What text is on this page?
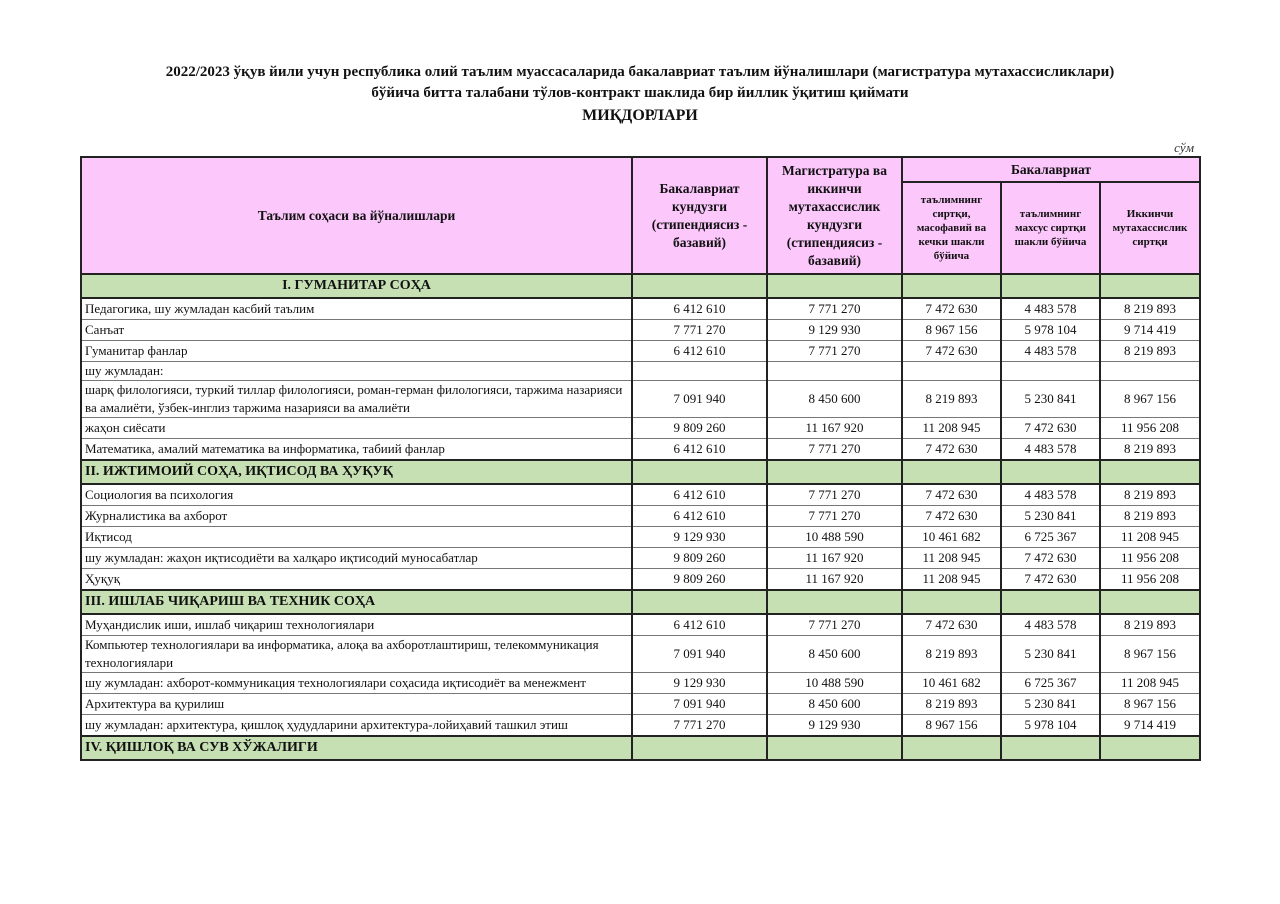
2022/2023 ўқув йили учун республика олий таълим муассасаларида бакалавриат таълим йўналишлари (магистратура мутахассисликлари)
бўйича битта талабани тўлов-контракт шаклида бир йиллик ўқитиш қиймати
МИҚДОРЛАРИ
сўм
Таълим соҳаси ва йўналишлари	Бакалавриат кундузги (стипендиясиз - базавий)	Магистратура ва иккинчи мутахассислик кундузги (стипендиясиз - базавий)	Бакалавриат		
			таълимнинг сиртқи, масофавий ва кечки шакли бўйича	таълимнинг махсус сиртқи шакли бўйича	Иккинчи мутахассислик сиртқи
I. ГУМАНИТАР СОҲА					
Педагогика, шу жумладан касбий таълим	6 412 610	7 771 270	7 472 630	4 483 578	8 219 893
Санъат	7 771 270	9 129 930	8 967 156	5 978 104	9 714 419
Гуманитар фанлар	6 412 610	7 771 270	7 472 630	4 483 578	8 219 893
шу жумладан:					
шарқ филологияси, туркий тиллар филологияси, роман-герман филологияси, таржима назарияси ва амалиёти, ўзбек-инглиз таржима назарияси ва амалиёти	7 091 940	8 450 600	8 219 893	5 230 841	8 967 156
жаҳон сиёсати	9 809 260	11 167 920	11 208 945	7 472 630	11 956 208
Математика, амалий математика ва информатика, табиий фанлар	6 412 610	7 771 270	7 472 630	4 483 578	8 219 893
II. ИЖТИМОИЙ СОҲА, ИҚТИСОД ВА ҲУҚУҚ					
Социология ва психология	6 412 610	7 771 270	7 472 630	4 483 578	8 219 893
Журналистика ва ахборот	6 412 610	7 771 270	7 472 630	5 230 841	8 219 893
Иқтисод	9 129 930	10 488 590	10 461 682	6 725 367	11 208 945
шу жумладан: жаҳон иқтисодиёти ва халқаро иқтисодий муносабатлар	9 809 260	11 167 920	11 208 945	7 472 630	11 956 208
Ҳуқуқ	9 809 260	11 167 920	11 208 945	7 472 630	11 956 208
III. ИШЛАБ ЧИҚАРИШ ВА ТЕХНИК СОҲА					
Муҳандислик иши, ишлаб чиқариш технологиялари	6 412 610	7 771 270	7 472 630	4 483 578	8 219 893
Компьютер технологиялари ва информатика, алоқа ва ахборотлаштириш, телекоммуникация технологиялари	7 091 940	8 450 600	8 219 893	5 230 841	8 967 156
шу жумладан: ахборот-коммуникация технологиялари соҳасида иқтисодиёт ва менежмент	9 129 930	10 488 590	10 461 682	6 725 367	11 208 945
Архитектура ва қурилиш	7 091 940	8 450 600	8 219 893	5 230 841	8 967 156
шу жумладан: архитектура, қишлоқ ҳудудларини архитектура-лойиҳавий ташкил этиш	7 771 270	9 129 930	8 967 156	5 978 104	9 714 419
IV. ҚИШЛОҚ ВА СУВ ХЎЖАЛИГИ					
